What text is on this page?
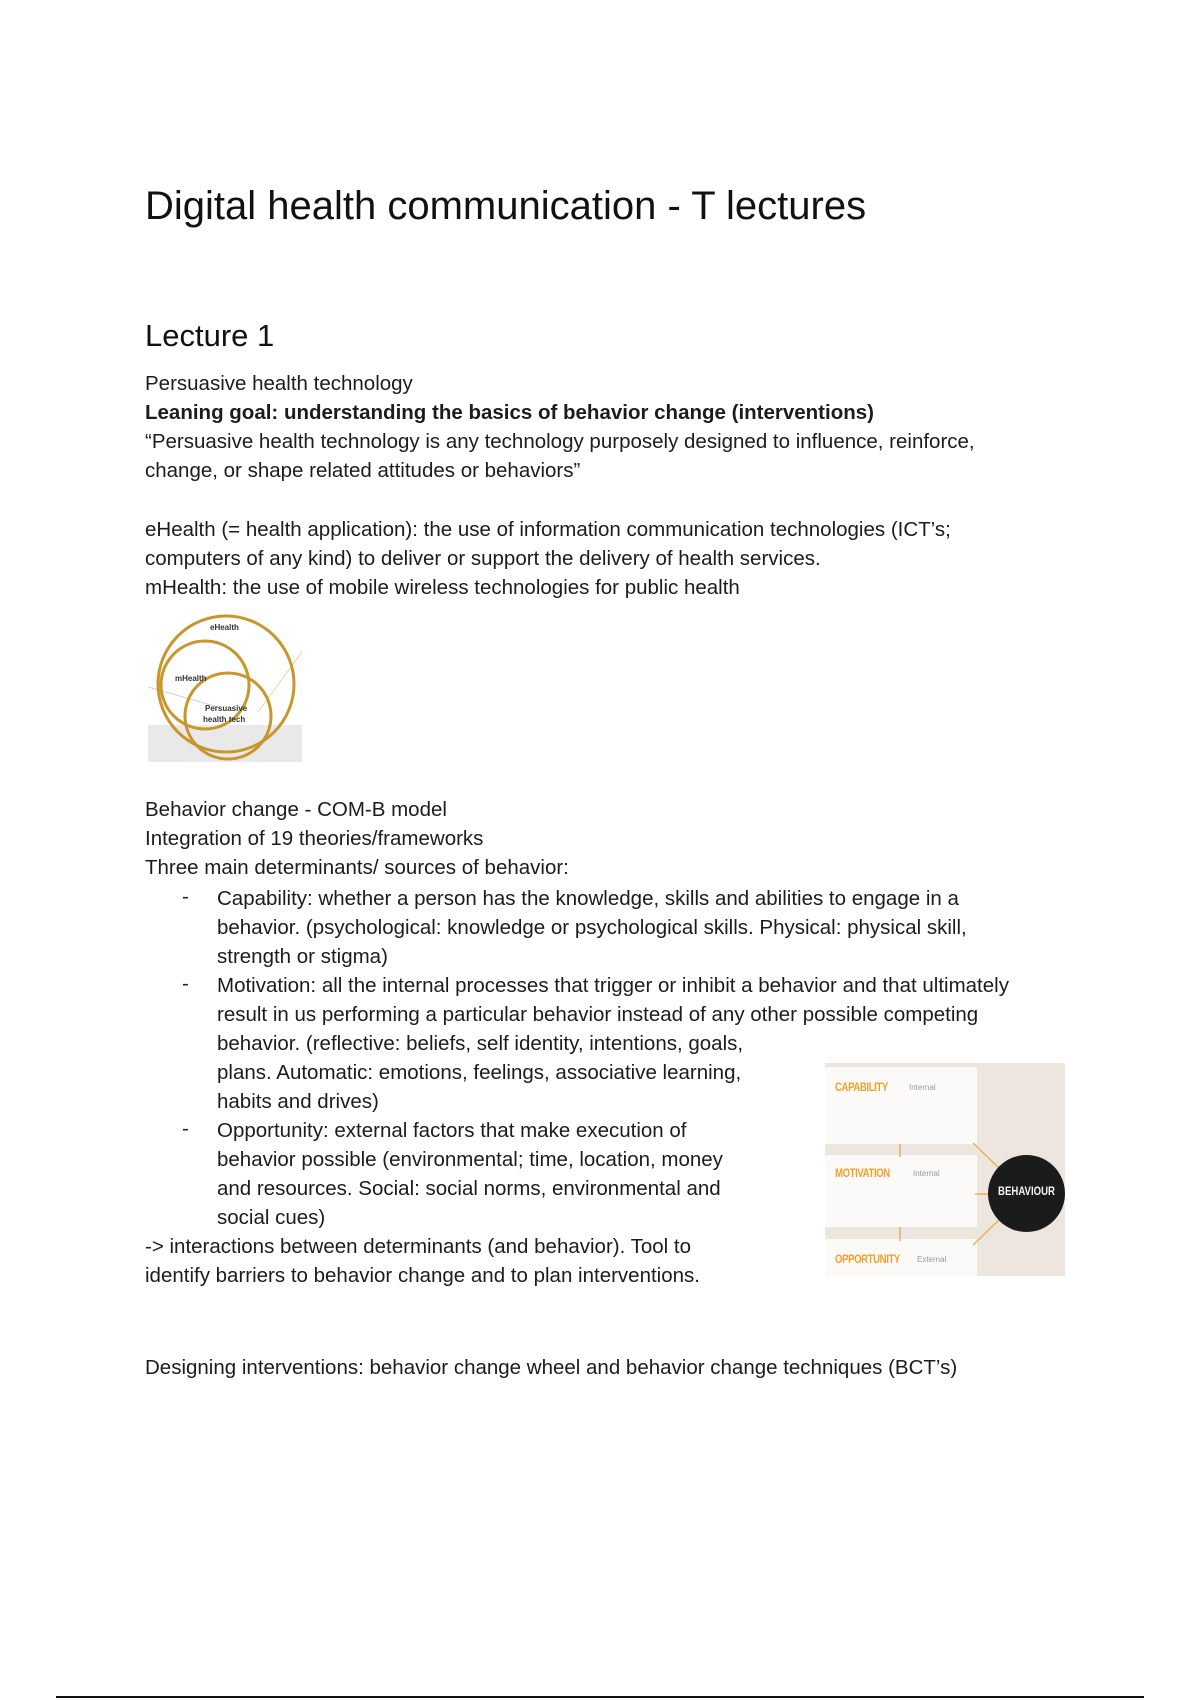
Digital health communication - T lectures
Lecture 1
Persuasive health technology
Leaning goal: understanding the basics of behavior change (interventions)
“Persuasive health technology is any technology purposely designed to influence, reinforce,
change, or shape related attitudes or behaviors”
eHealth (= health application): the use of information communication technologies (ICT’s;
computers of any kind) to deliver or support the delivery of health services.
mHealth: the use of mobile wireless technologies for public health
eHealth
mHealth
Persuasive
health tech
Behavior change - COM-B model
Integration of 19 theories/frameworks
Three main determinants/ sources of behavior:
- Capability: whether a person has the knowledge, skills and abilities to engage in a
behavior. (psychological: knowledge or psychological skills. Physical: physical skill,
strength or stigma)
- Motivation: all the internal processes that trigger or inhibit a behavior and that ultimately
result in us performing a particular behavior instead of any other possible competing
behavior. (reflective: beliefs, self identity, intentions, goals,
plans. Automatic: emotions, feelings, associative learning,
habits and drives)
- Opportunity: external factors that make execution of
behavior possible (environmental; time, location, money
and resources. Social: social norms, environmental and
social cues)
-> interactions between determinants (and behavior). Tool to
identify barriers to behavior change and to plan interventions.
CAPABILITY	Internal
MOTIVATION	Internal
OPPORTUNITY External
BEHAVIOUR
Designing interventions: behavior change wheel and behavior change techniques (BCT’s)
